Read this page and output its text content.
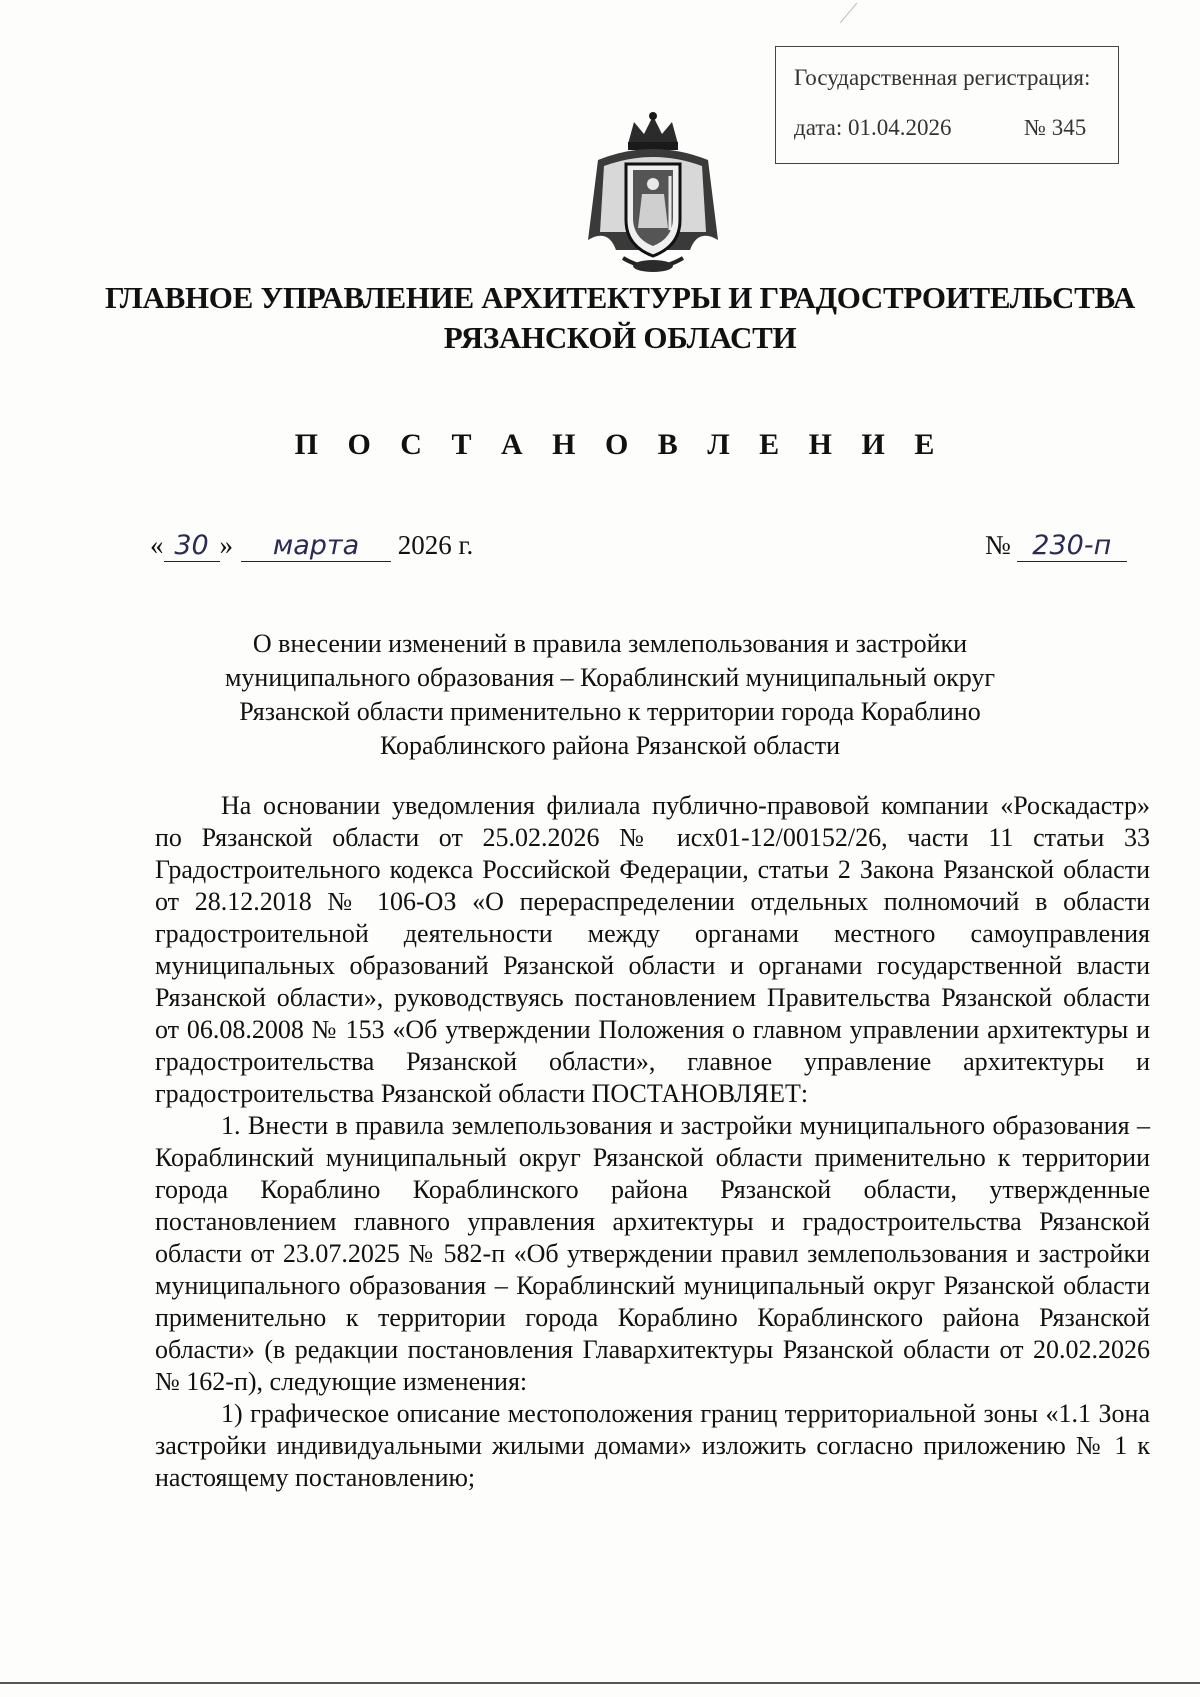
Государственная регистрация:
дата: 01.04.2026	№ 345
ГЛАВНОЕ УПРАВЛЕНИЕ АРХИТЕКТУРЫ И ГРАДОСТРОИТЕЛЬСТВА
РЯЗАНСКОЙ ОБЛАСТИ
П О С Т А Н О В Л Е Н И Е
« 30 » марта 2026 г.	№ 230-п
О внесении изменений в правила землепользования и застройки
муниципального образования – Кораблинский муниципальный округ
Рязанской области применительно к территории города Кораблино
Кораблинского района Рязанской области

На основании уведомления филиала публично-правовой компании «Роскадастр» по Рязанской области от 25.02.2026 № исх01-12/00152/26, части 11 статьи 33 Градостроительного кодекса Российской Федерации, статьи 2 Закона Рязанской области от 28.12.2018 № 106-ОЗ «О перераспределении отдельных полномочий в области градостроительной деятельности между органами местного самоуправления муниципальных образований Рязанской области и органами государственной власти Рязанской области», руководствуясь постановлением Правительства Рязанской области от 06.08.2008 № 153 «Об утверждении Положения о главном управлении архитектуры и градостроительства Рязанской области», главное управление архитектуры и градостроительства Рязанской области ПОСТАНОВЛЯЕТ:

1. Внести в правила землепользования и застройки муниципального образования – Кораблинский муниципальный округ Рязанской области применительно к территории города Кораблино Кораблинского района Рязанской области, утвержденные постановлением главного управления архитектуры и градостроительства Рязанской области от 23.07.2025 № 582-п «Об утверждении правил землепользования и застройки муниципального образования – Кораблинский муниципальный округ Рязанской области применительно к территории города Кораблино Кораблинского района Рязанской области» (в редакции постановления Главархитектуры Рязанской области от 20.02.2026 № 162-п), следующие изменения:

1) графическое описание местоположения границ территориальной зоны «1.1 Зона застройки индивидуальными жилыми домами» изложить согласно приложению № 1 к настоящему постановлению;
